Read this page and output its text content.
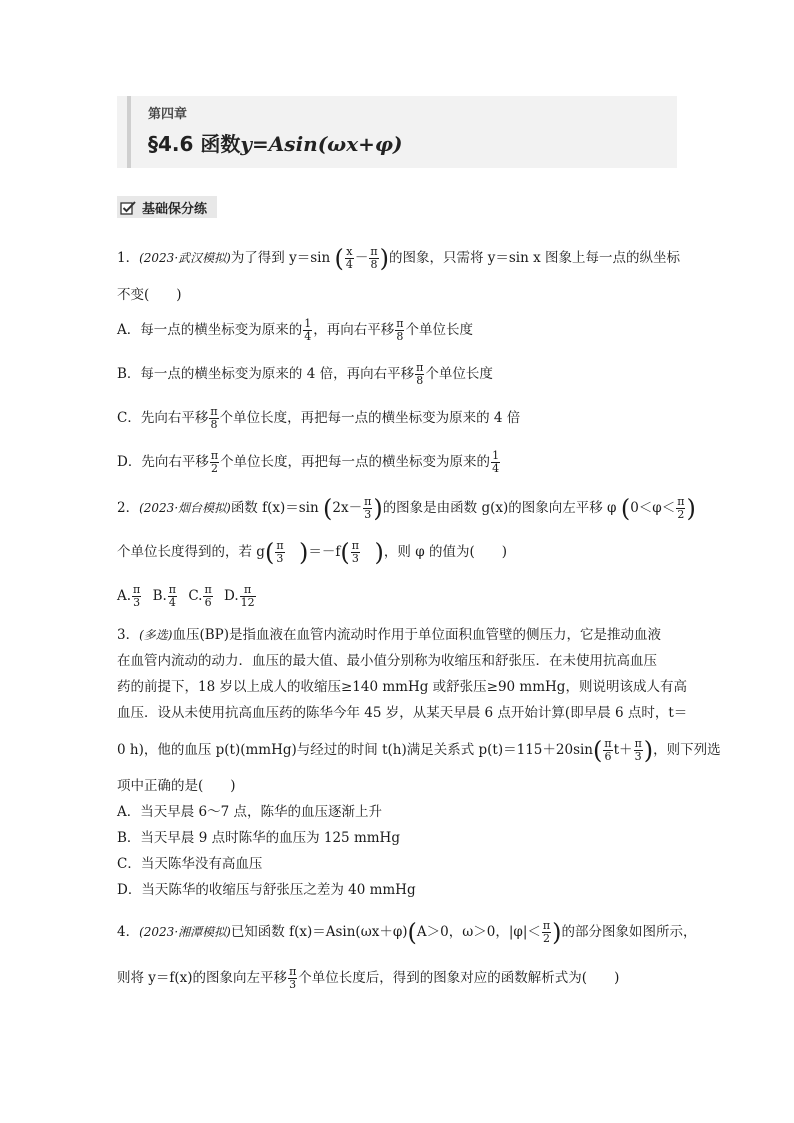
第四章
§4.6 函数y=Asin(ωx+φ)
基础保分练
1．(2023·武汉模拟)为了得到 y＝sin ( $\frac{x}{4} - \frac{\pi}{8}$ )的图象，只需将 y＝sin x 图象上每一点的纵坐标
不变(　　)
A．每一点的横坐标变为原来的 $\frac{1}{4}$ ，再向右平移 $\frac{\pi}{8}$ 个单位长度
B．每一点的横坐标变为原来的 4 倍，再向右平移 $\frac{\pi}{8}$ 个单位长度
C．先向右平移 $\frac{\pi}{8}$ 个单位长度，再把每一点的横坐标变为原来的 4 倍
D．先向右平移 $\frac{\pi}{2}$ 个单位长度，再把每一点的横坐标变为原来的 $\frac{1}{4}$
2．(2023·烟台模拟)函数 f(x)＝sin ($2x- \frac{\pi}{3}$ )的图象是由函数 g(x)的图象向左平移 φ ($0<\varphi< \frac{\pi}{2}$ )
个单位长度得到的，若 $g( \frac{\pi}{3}$
  )$=-f( \frac{\pi}{3}$
  )，则 φ 的值为(　　)
A. $\frac{\pi}{3} B$. $\frac{\pi}{4} C$. $\frac{\pi}{6} D$. $\frac{\pi}{12}$
3．(多选)血压(BP)是指血液在血管内流动时作用于单位面积血管壁的侧压力，它是推动血液
在血管内流动的动力．血压的最大值、最小值分别称为收缩压和舒张压．在未使用抗高血压
药的前提下，18 岁以上成人的收缩压≥140 mmHg 或舒张压≥90 mmHg，则说明该成人有高
血压．设从未使用抗高血压药的陈华今年 45 岁，从某天早晨 6 点开始计算(即早晨 6 点时，t＝
0 h)，他的血压 p(t)(mmHg)与经过的时间 t(h)满足关系式 $p(t)=115+20\sin( \frac{\pi}{6} t+ \frac{\pi}{3}$ )，则下列选
项中正确的是(　　)
A．当天早晨 6～7 点，陈华的血压逐渐上升
B．当天早晨 9 点时陈华的血压为 125 mmHg
C．当天陈华没有高血压
D．当天陈华的收缩压与舒张压之差为 40 mmHg
4．(2023·湘潭模拟)已知函数 f(x)＝Asin(ωx＋φ)(A＞0，ω＞0，$|\varphi|< \frac{\pi}{2}$ )的部分图象如图所示，
则将 y＝f(x)的图象向左平移 $\frac{\pi}{3}$ 个单位长度后，得到的图象对应的函数解析式为(　　)
